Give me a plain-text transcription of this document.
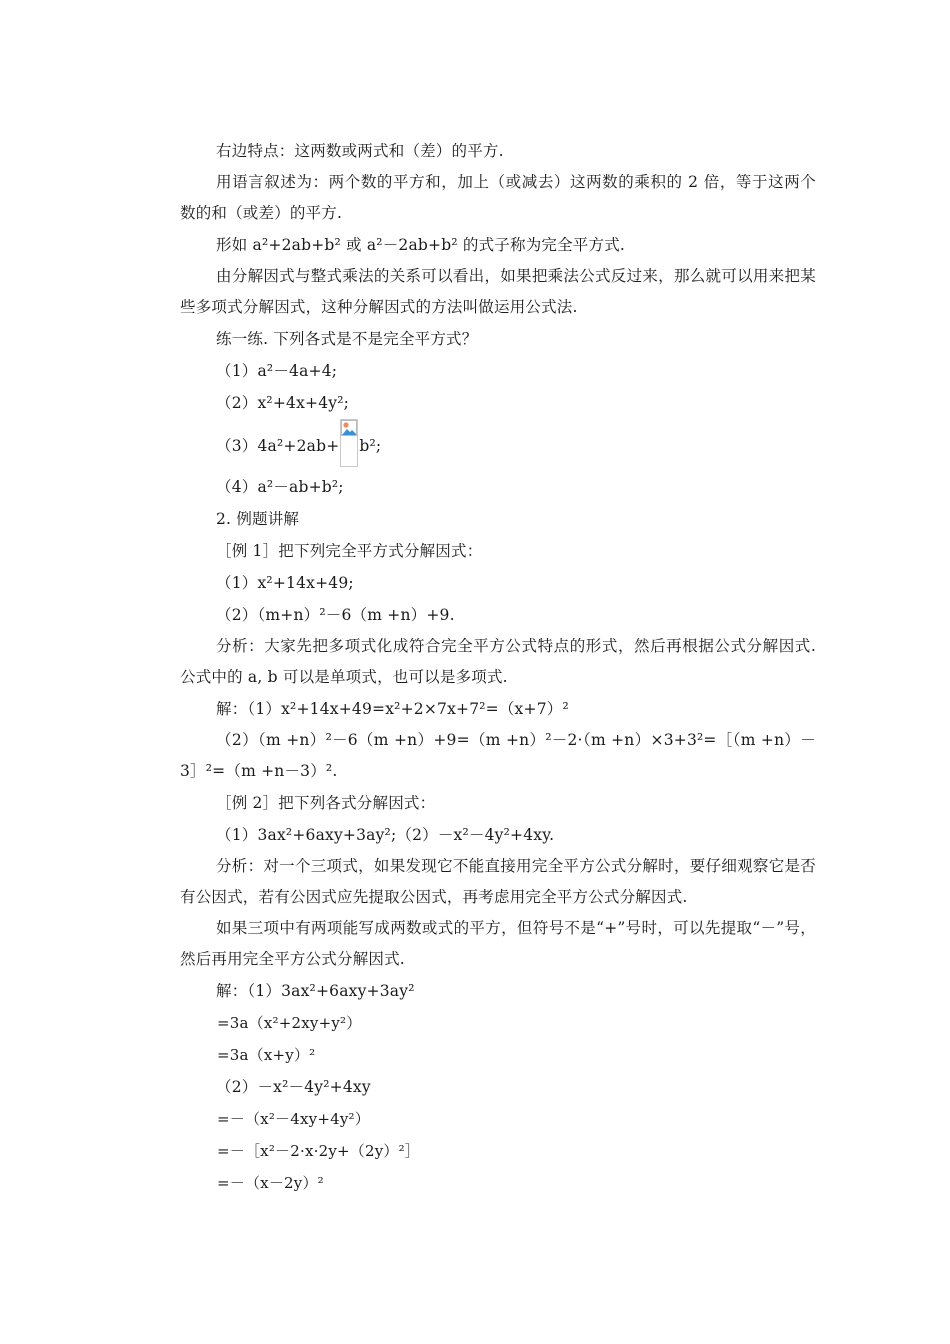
右边特点：这两数或两式和（差）的平方.

用语言叙述为：两个数的平方和，加上（或减去）这两数的乘积的 2 倍，等于这两个数的和（或差）的平方.

形如 a²+2ab+b² 或 a²－2ab+b² 的式子称为完全平方式.

由分解因式与整式乘法的关系可以看出，如果把乘法公式反过来，那么就可以用来把某些多项式分解因式，这种分解因式的方法叫做运用公式法.

练一练. 下列各式是不是完全平方式？

（1）a²－4a+4;

（2）x²+4x+4y²;

（3）4a²+2ab+ b²;

（4）a²－ab+b²;

2. 例题讲解

［例 1］把下列完全平方式分解因式：

（1）x²+14x+49;

（2）（m+n）²－6（m +n）+9.

分析：大家先把多项式化成符合完全平方公式特点的形式，然后再根据公式分解因式. 公式中的 a, b 可以是单项式，也可以是多项式.

解：（1）x²+14x+49=x²+2×7x+7²=（x+7）²

（2）（m +n）²－6（m +n）+9=（m +n）²－2·（m +n）×3+3²=［（m +n）－3］²=（m +n－3）².

［例 2］把下列各式分解因式：

（1）3ax²+6axy+3ay²;（2）－x²－4y²+4xy.

分析：对一个三项式，如果发现它不能直接用完全平方公式分解时，要仔细观察它是否有公因式，若有公因式应先提取公因式，再考虑用完全平方公式分解因式.

如果三项中有两项能写成两数或式的平方，但符号不是“+”号时，可以先提取“－”号，然后再用完全平方公式分解因式.

解：（1）3ax²+6axy+3ay²

=3a（x²+2xy+y²）

=3a（x+y）²

（2）－x²－4y²+4xy

=－（x²－4xy+4y²）

=－［x²－2·x·2y+（2y）²］

=－（x－2y）²
